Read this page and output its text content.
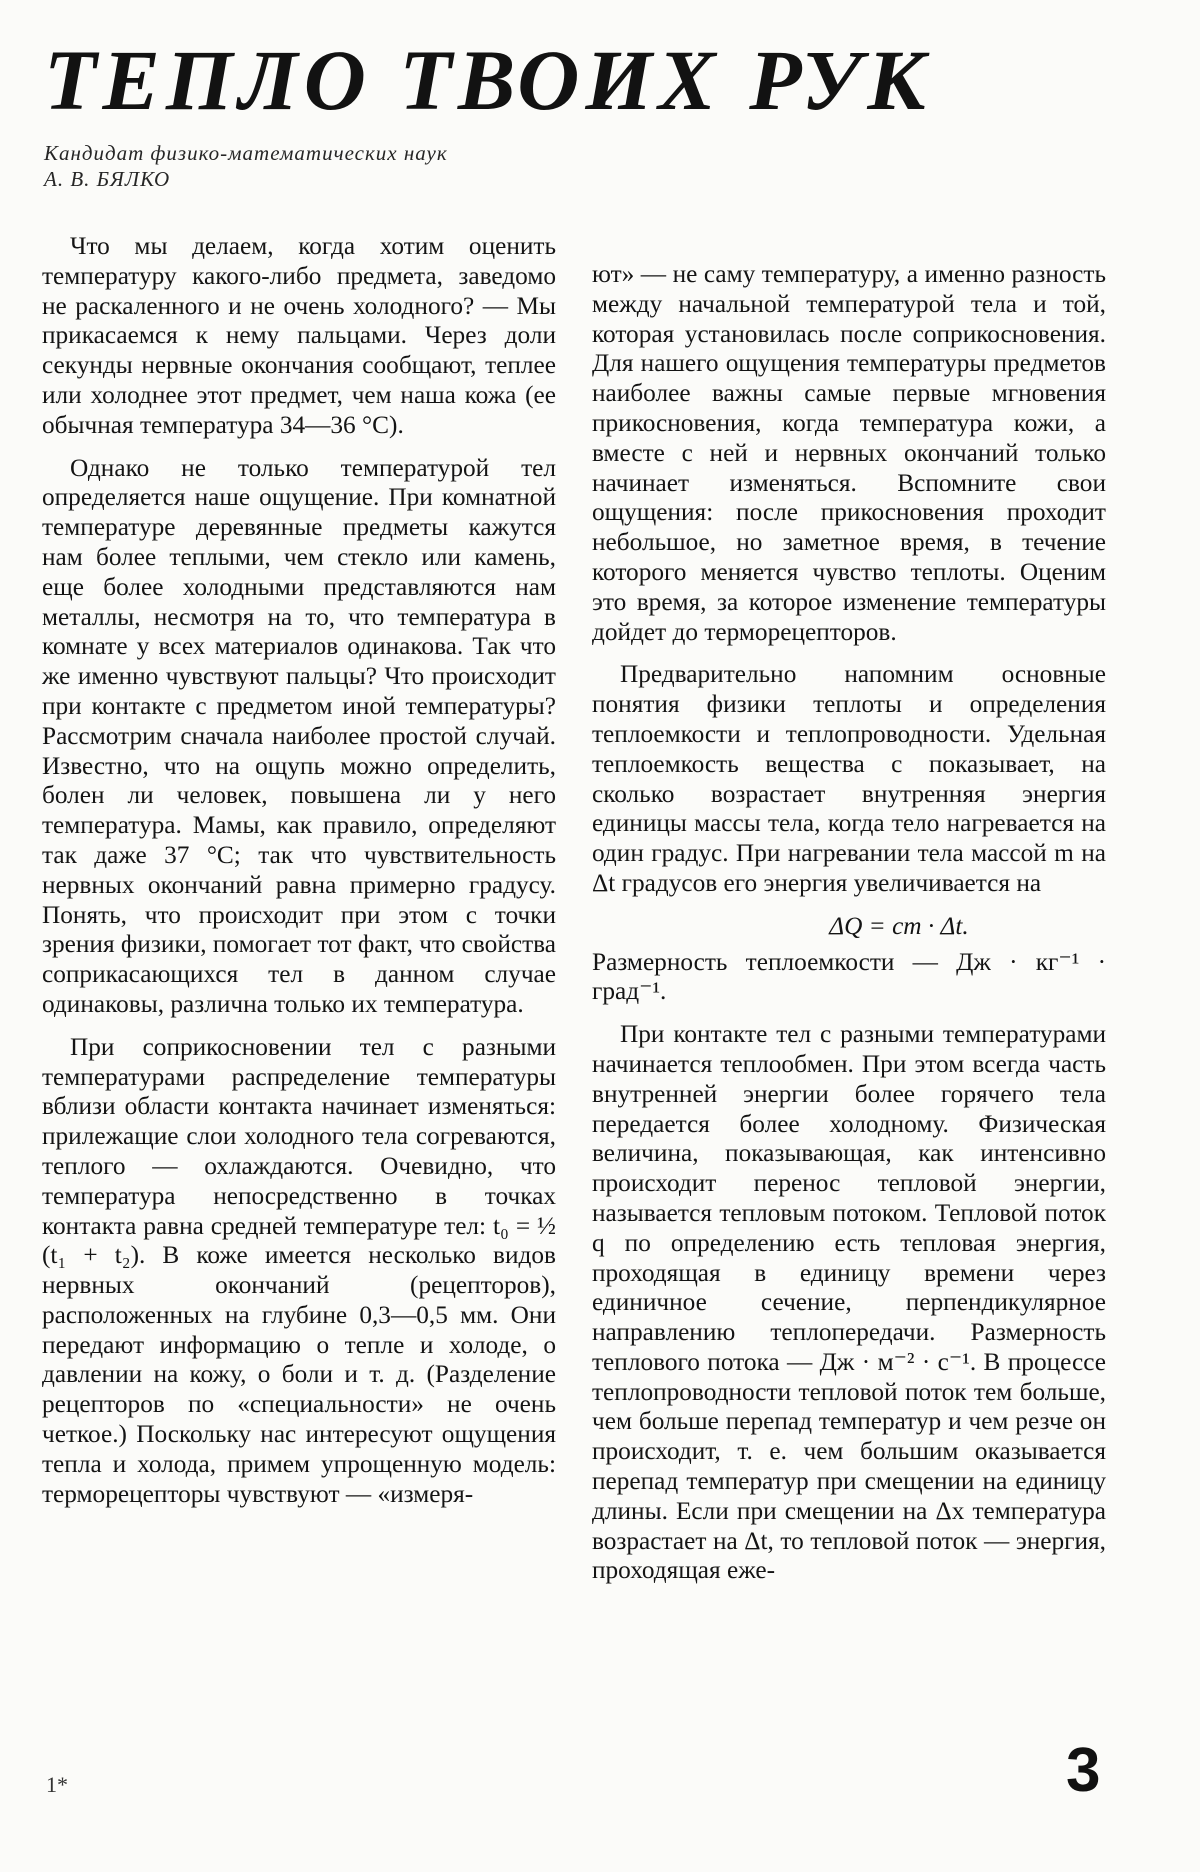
ТЕПЛО ТВОИХ РУК
Кандидат физико-математических наук
А. В. БЯЛКО

Что мы делаем, когда хотим оценить температуру какого-либо предмета, заведомо не раскаленного и не очень холодного? — Мы прикасаемся к нему пальцами. Через доли секунды нервные окончания сообщают, теплее или холоднее этот предмет, чем наша кожа (ее обычная температура 34—36 °С).

Однако не только температурой тел определяется наше ощущение. При комнатной температуре деревянные предметы кажутся нам более теплыми, чем стекло или камень, еще более холодными представляются нам металлы, несмотря на то, что температура в комнате у всех материалов одинакова. Так что же именно чувствуют пальцы? Что происходит при контакте с предметом иной температуры? Рассмотрим сначала наиболее простой случай. Известно, что на ощупь можно определить, болен ли человек, повышена ли у него температура. Мамы, как правило, определяют так даже 37 °С; так что чувствительность нервных окончаний равна примерно градусу. Понять, что происходит при этом с точки зрения физики, помогает тот факт, что свойства соприкасающихся тел в данном случае одинаковы, различна только их температура.

При соприкосновении тел с разными температурами распределение температуры вблизи области контакта начинает изменяться: прилежащие слои холодного тела согреваются, теплого — охлаждаются. Очевидно, что температура непосредственно в точках контакта равна средней температуре тел: t₀ = ½ (t₁ + t₂). В коже имеется несколько видов нервных окончаний (рецепторов), расположенных на глубине 0,3—0,5 мм. Они передают информацию о тепле и холоде, о давлении на кожу, о боли и т. д. (Разделение рецепторов по «специальности» не очень четкое.) Поскольку нас интересуют ощущения тепла и холода, примем упрощенную модель: терморецепторы чувствуют — «измеря-

ют» — не саму температуру, а именно разность между начальной температурой тела и той, которая установилась после соприкосновения. Для нашего ощущения температуры предметов наиболее важны самые первые мгновения прикосновения, когда температура кожи, а вместе с ней и нервных окончаний только начинает изменяться. Вспомните свои ощущения: после прикосновения проходит небольшое, но заметное время, в течение которого меняется чувство теплоты. Оценим это время, за которое изменение температуры дойдет до терморецепторов.

Предварительно напомним основные понятия физики теплоты и определения теплоемкости и теплопроводности. Удельная теплоемкость вещества с показывает, на сколько возрастает внутренняя энергия единицы массы тела, когда тело нагревается на один градус. При нагревании тела массой m на Δt градусов его энергия увеличивается на

ΔQ = cm · Δt.

Размерность теплоемкости — Дж · кг⁻¹ · град⁻¹.

При контакте тел с разными температурами начинается теплообмен. При этом всегда часть внутренней энергии более горячего тела передается более холодному. Физическая величина, показывающая, как интенсивно происходит перенос тепловой энергии, называется тепловым потоком. Тепловой поток q по определению есть тепловая энергия, проходящая в единицу времени через единичное сечение, перпендикулярное направлению теплопередачи. Размерность теплового потока — Дж · м⁻² · с⁻¹. В процессе теплопроводности тепловой поток тем больше, чем больше перепад температур и чем резче он происходит, т. е. чем большим оказывается перепад температур при смещении на единицу длины. Если при смещении на Δx температура возрастает на Δt, то тепловой поток — энергия, проходящая еже-

1*	3
